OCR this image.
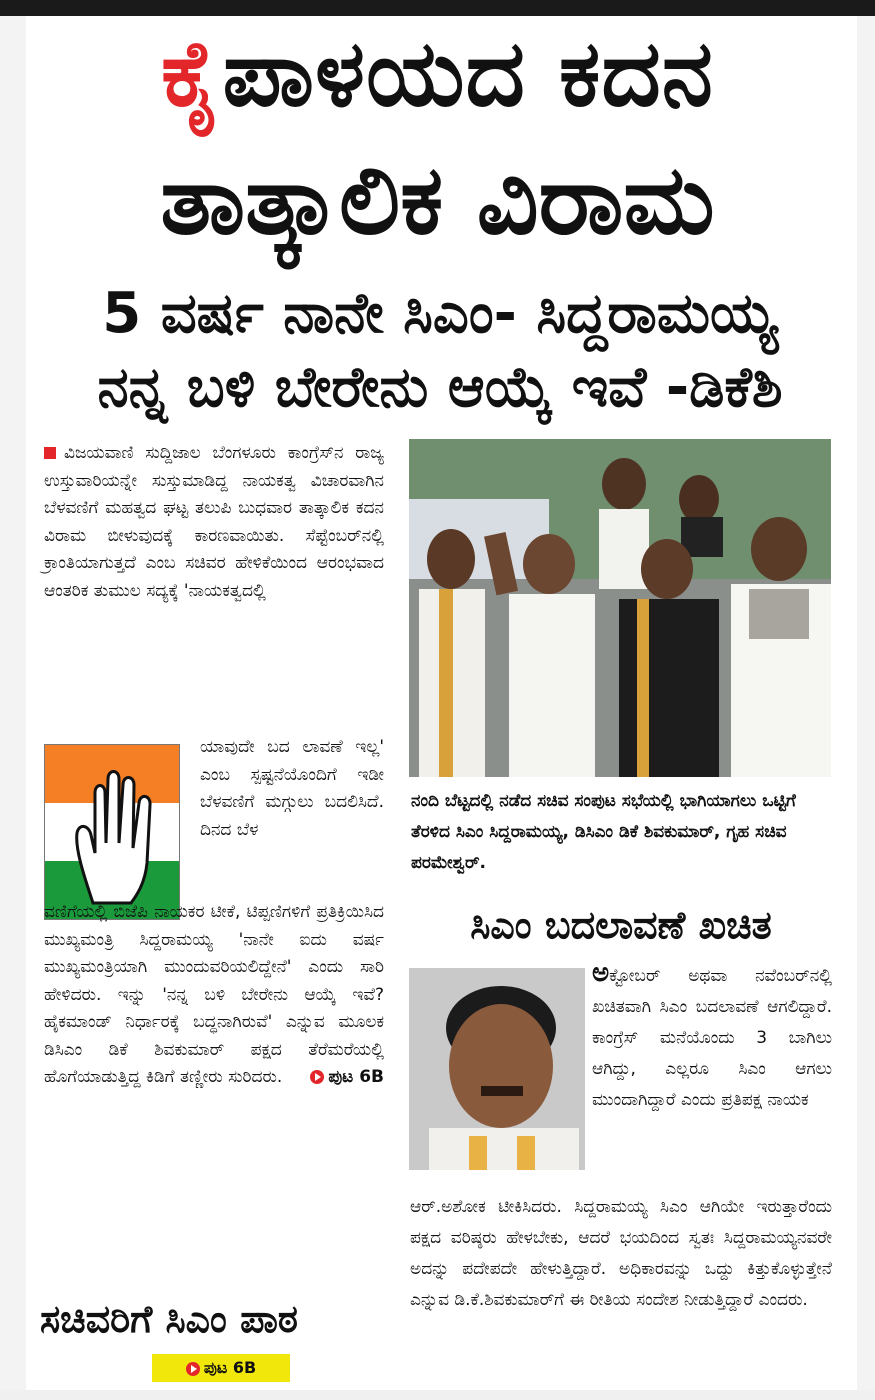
ಕೈಪಾಳಯದ ಕದನ
ತಾತ್ಕಾಲಿಕ ವಿರಾಮ
5 ವರ್ಷ ನಾನೇ ಸಿಎಂ- ಸಿದ್ದರಾಮಯ್ಯ
ನನ್ನ ಬಳಿ ಬೇರೇನು ಆಯ್ಕೆ ಇವೆ -ಡಿಕೆಶಿ

ವಿಜಯವಾಣಿ ಸುದ್ದಿಜಾಲ ಬೆಂಗಳೂರು ಕಾಂಗ್ರೆಸ್‌ನ ರಾಜ್ಯ ಉಸ್ತುವಾರಿಯನ್ನೇ ಸುಸ್ತುಮಾಡಿದ್ದ ನಾಯಕತ್ವ ವಿಚಾರವಾಗಿನ ಬೆಳವಣಿಗೆ ಮಹತ್ವದ ಘಟ್ಟ ತಲುಪಿ ಬುಧವಾರ ತಾತ್ಕಾಲಿಕ ಕದನ ವಿರಾಮ ಬೀಳುವುದಕ್ಕೆ ಕಾರಣವಾಯಿತು. ಸೆಪ್ಟೆಂಬರ್‌ನಲ್ಲಿ ಕ್ರಾಂತಿಯಾಗುತ್ತದೆ ಎಂಬ ಸಚಿವರ ಹೇಳಿಕೆಯಿಂದ ಆರಂಭವಾದ ಆಂತರಿಕ ತುಮುಲ ಸದ್ಯಕ್ಕೆ 'ನಾಯಕತ್ವದಲ್ಲಿ

ಯಾವುದೇ ಬದ ಲಾವಣೆ ಇಲ್ಲ' ಎಂಬ ಸ್ಪಷ್ಟನೆಯೊಂದಿಗೆ ಇಡೀ ಬೆಳವಣಿಗೆ ಮಗ್ಗುಲು ಬದಲಿಸಿದೆ. ದಿನದ ಬೆಳ
ವಣಿಗೆಯಲ್ಲಿ ಬಿಜೆಪಿ ನಾಯಕರ ಟೀಕೆ, ಟಿಪ್ಪಣಿಗಳಿಗೆ ಪ್ರತಿಕ್ರಿಯಿಸಿದ ಮುಖ್ಯಮಂತ್ರಿ ಸಿದ್ದರಾಮಯ್ಯ 'ನಾನೇ ಐದು ವರ್ಷ ಮುಖ್ಯಮಂತ್ರಿಯಾಗಿ ಮುಂದುವರಿಯಲಿದ್ದೇನೆ' ಎಂದು ಸಾರಿ ಹೇಳಿದರು. ಇನ್ನು 'ನನ್ನ ಬಳಿ ಬೇರೇನು ಆಯ್ಕೆ ಇವೆ? ಹೈಕಮಾಂಡ್ ನಿರ್ಧಾರಕ್ಕೆ ಬದ್ಧನಾಗಿರುವೆ' ಎನ್ನುವ ಮೂಲಕ ಡಿಸಿಎಂ ಡಿಕೆ ಶಿವಕುಮಾರ್ ಪಕ್ಷದ ತೆರೆಮರೆಯಲ್ಲಿ ಹೊಗೆಯಾಡುತ್ತಿದ್ದ ಕಿಡಿಗೆ ತಣ್ಣೀರು ಸುರಿದರು.	ಪುಟ 6B
ಸಚಿವರಿಗೆ ಸಿಎಂ ಪಾಠ
ಪುಟ 6B
ನಂದಿ ಬೆಟ್ಟದಲ್ಲಿ ನಡೆದ ಸಚಿವ ಸಂಪುಟ ಸಭೆಯಲ್ಲಿ ಭಾಗಿಯಾಗಲು ಒಟ್ಟಿಗೆ ತೆರಳಿದ ಸಿಎಂ ಸಿದ್ದರಾಮಯ್ಯ, ಡಿಸಿಎಂ ಡಿಕೆ ಶಿವಕುಮಾರ್, ಗೃಹ ಸಚಿವ ಪರಮೇಶ್ವರ್.
ಸಿಎಂ ಬದಲಾವಣೆ ಖಚಿತ
ಅಕ್ಟೋಬರ್ ಅಥವಾ ನವೆಂಬರ್‌ನಲ್ಲಿ ಖಚಿತವಾಗಿ ಸಿಎಂ ಬದಲಾವಣೆ ಆಗಲಿದ್ದಾರೆ. ಕಾಂಗ್ರೆಸ್ ಮನೆಯೊಂದು 3 ಬಾಗಿಲು ಆಗಿದ್ದು, ಎಲ್ಲರೂ ಸಿಎಂ ಆಗಲು ಮುಂದಾಗಿದ್ದಾರೆ ಎಂದು ಪ್ರತಿಪಕ್ಷ ನಾಯಕ
ಆರ್.ಅಶೋಕ ಟೀಕಿಸಿದರು. ಸಿದ್ದರಾಮಯ್ಯ ಸಿಎಂ ಆಗಿಯೇ ಇರುತ್ತಾರೆಂದು ಪಕ್ಷದ ವರಿಷ್ಠರು ಹೇಳಬೇಕು, ಆದರೆ ಭಯದಿಂದ ಸ್ವತಃ ಸಿದ್ದರಾಮಯ್ಯನವರೇ ಅದನ್ನು ಪದೇಪದೇ ಹೇಳುತ್ತಿದ್ದಾರೆ. ಅಧಿಕಾರವನ್ನು ಒದ್ದು ಕಿತ್ತುಕೊಳ್ಳುತ್ತೇನೆ ಎನ್ನುವ ಡಿ.ಕೆ.ಶಿವಕುಮಾರ್‌ಗೆ ಈ ರೀತಿಯ ಸಂದೇಶ ನೀಡುತ್ತಿದ್ದಾರೆ ಎಂದರು.
